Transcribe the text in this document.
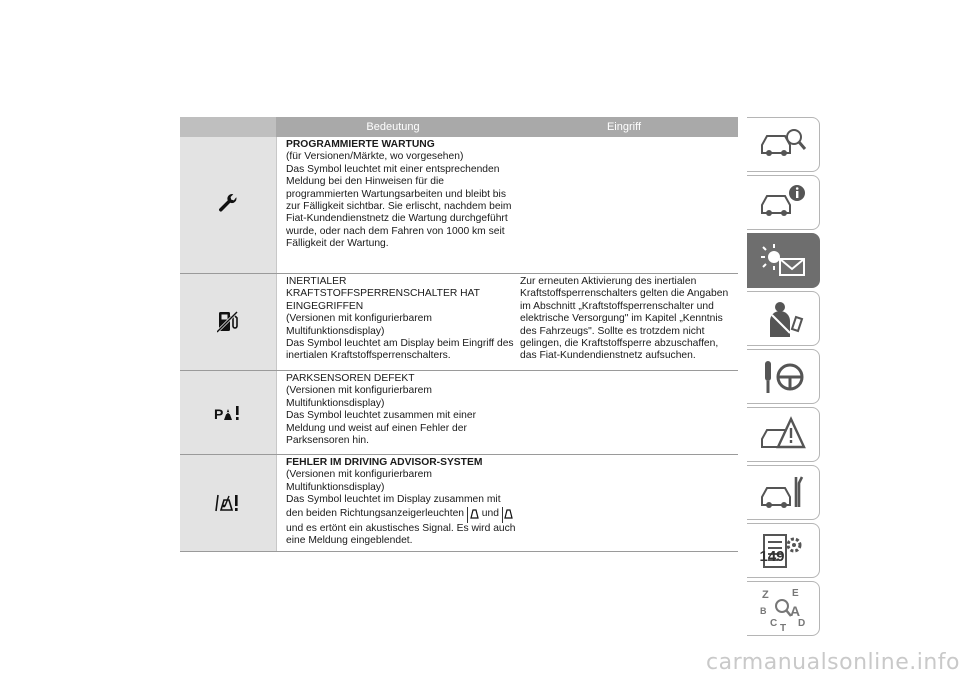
Bedeutung	Eingriff
PROGRAMMIERTE WARTUNG
(für Versionen/Märkte, wo vorgesehen)
Das Symbol leuchtet mit einer entsprechenden Meldung bei den Hinweisen für die programmierten Wartungsarbeiten und bleibt bis zur Fälligkeit sichtbar. Sie erlischt, nachdem beim Fiat-Kundendienstnetz die Wartung durchgeführt wurde, oder nach dem Fahren von 1000 km seit Fälligkeit der Wartung.
INERTIALER KRAFTSTOFFSPERRENSCHALTER HAT EINGEGRIFFEN
(Versionen mit konfigurierbarem Multifunktionsdisplay)
Das Symbol leuchtet am Display beim Eingriff des inertialen Kraftstoffsperrenschalters.
Zur erneuten Aktivierung des inertialen Kraftstoffsperrenschalters gelten die Angaben im Abschnitt „Kraftstoffsperrenschalter und elektrische Versorgung" im Kapitel „Kenntnis des Fahrzeugs". Sollte es trotzdem nicht gelingen, die Kraftstoffsperre abzuschaffen, das Fiat-Kundendienstnetz aufsuchen.
P
PARKSENSOREN DEFEKT
(Versionen mit konfigurierbarem Multifunktionsdisplay)
Das Symbol leuchtet zusammen mit einer Meldung und weist auf einen Fehler der Parksensoren hin.
FEHLER IM DRIVING ADVISOR-SYSTEM
(Versionen mit konfigurierbarem Multifunktionsdisplay)
Das Symbol leuchtet im Display zusammen mit den beiden Richtungsanzeigerleuchten und  und es ertönt ein akustisches Signal. Es wird auch eine Meldung eingeblendet.
Z E
B A
C D
T
149
carmanualsonline.info
